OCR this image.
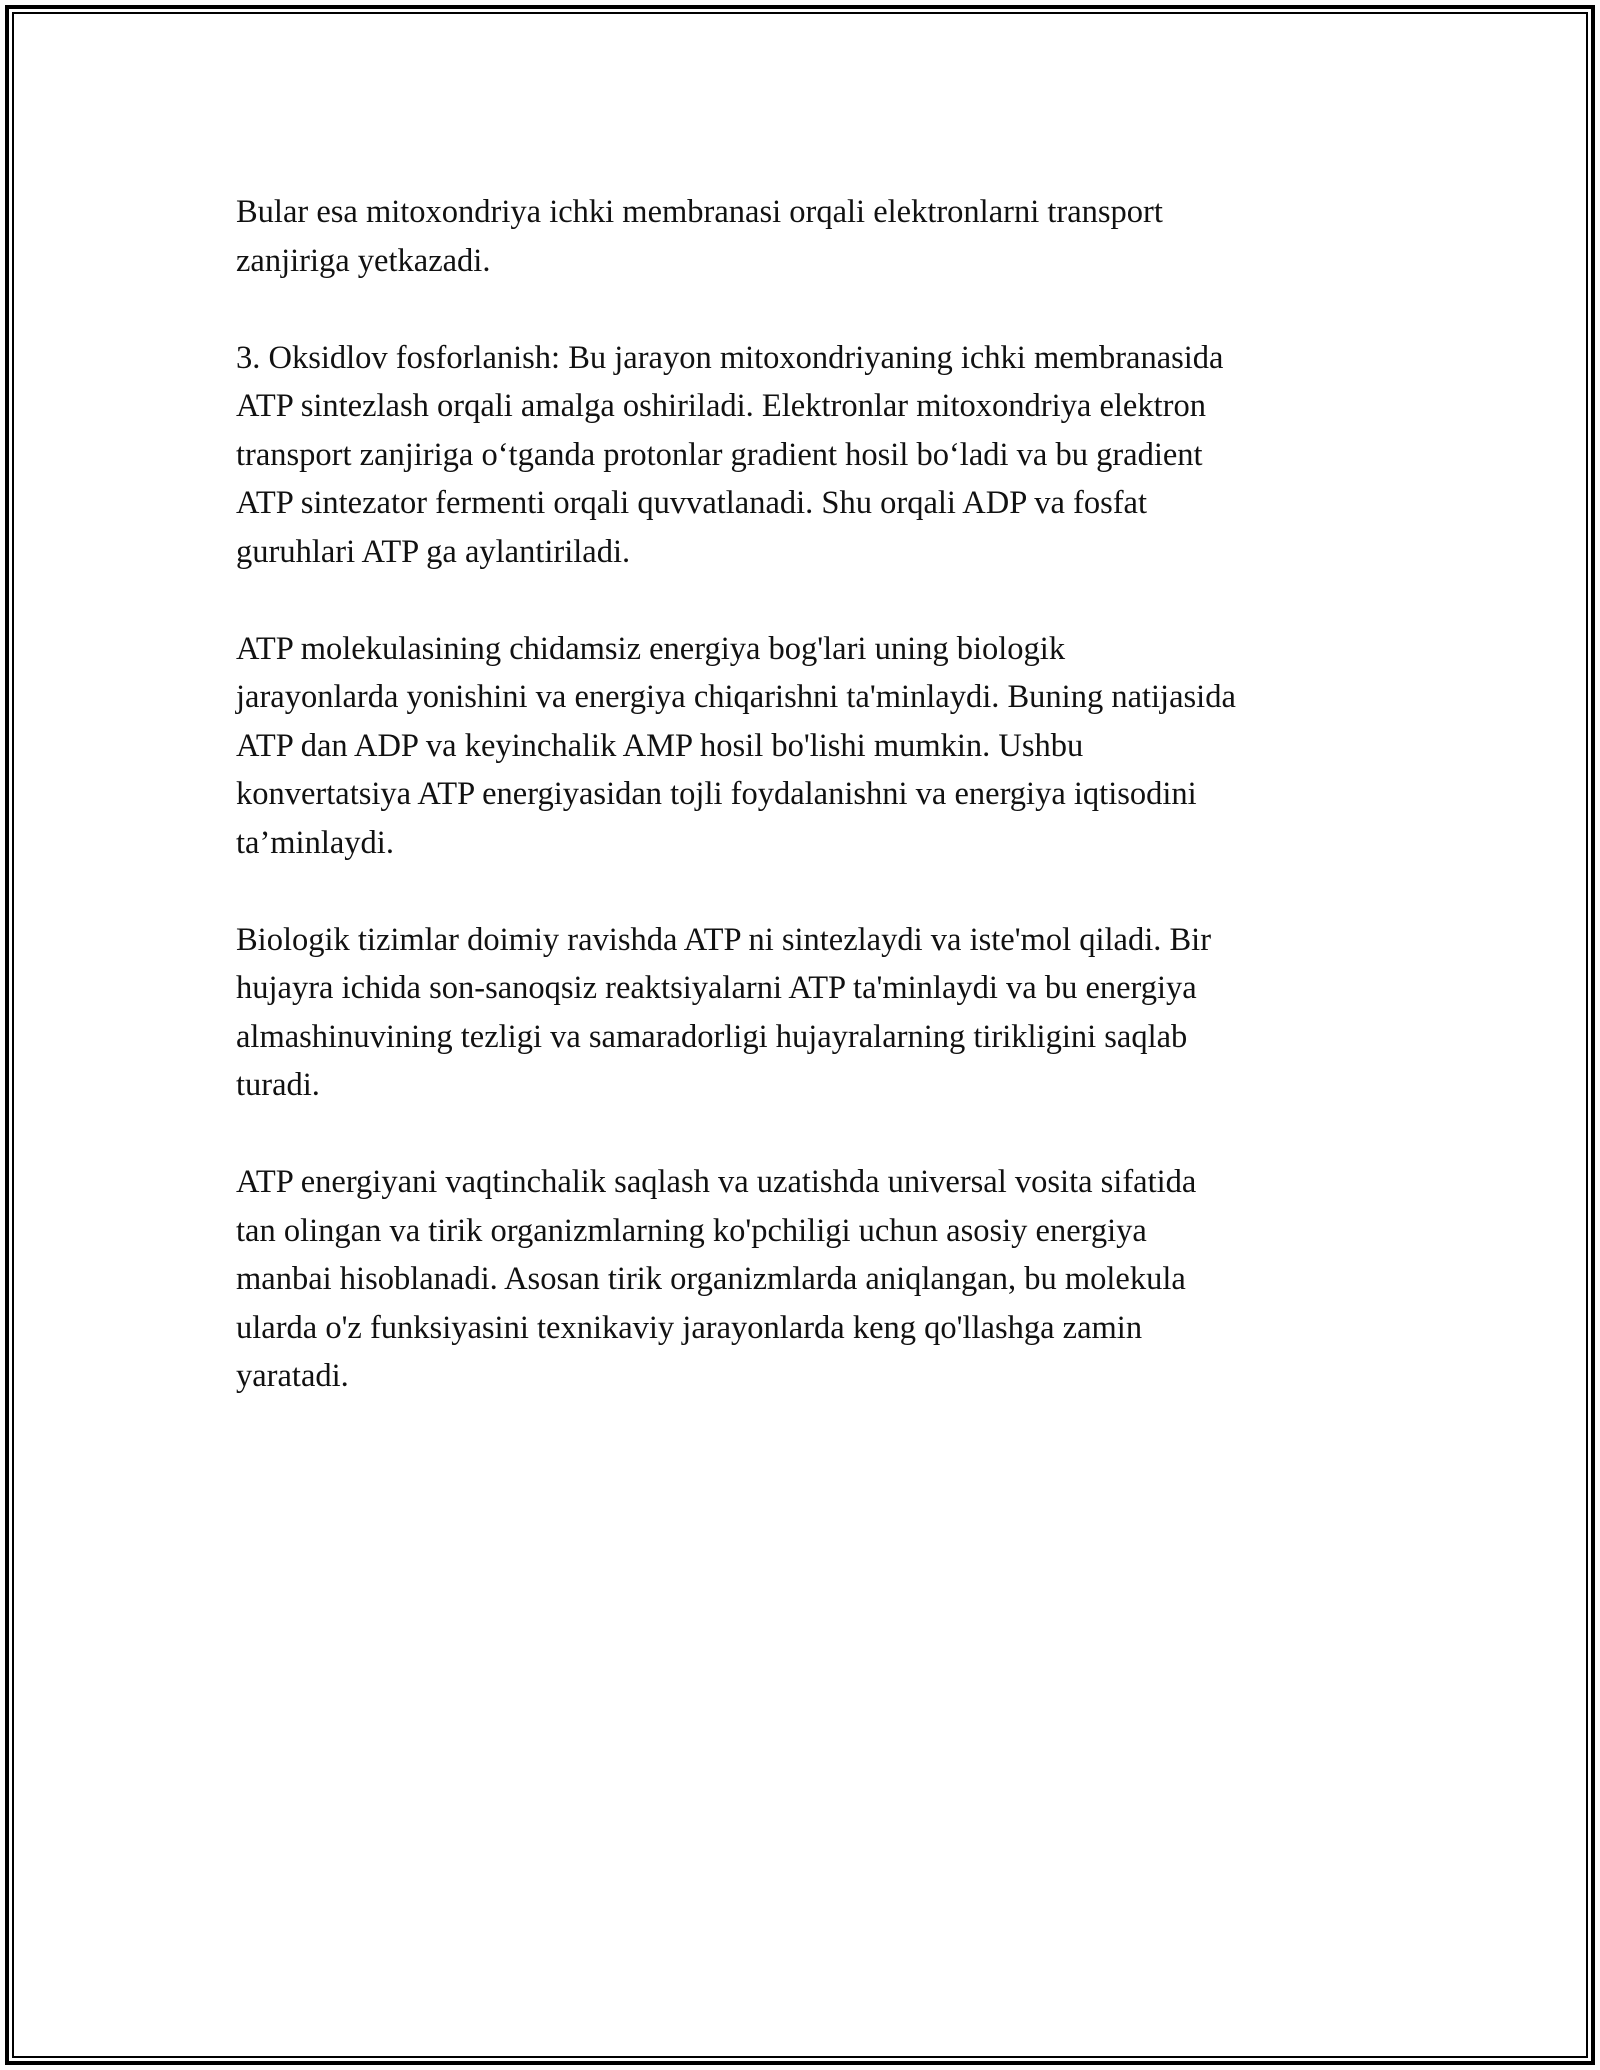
Bular esa mitoxondriya ichki membranasi orqali elektronlarni transport
zanjiriga yetkazadi.

3. Oksidlov fosforlanish: Bu jarayon mitoxondriyaning ichki membranasida
ATP sintezlash orqali amalga oshiriladi. Elektronlar mitoxondriya elektron
transport zanjiriga oʻtganda protonlar gradient hosil boʻladi va bu gradient
ATP sintezator fermenti orqali quvvatlanadi. Shu orqali ADP va fosfat
guruhlari ATP ga aylantiriladi.

ATP molekulasining chidamsiz energiya bog'lari uning biologik
jarayonlarda yonishini va energiya chiqarishni ta'minlaydi. Buning natijasida
ATP dan ADP va keyinchalik AMP hosil bo'lishi mumkin. Ushbu
konvertatsiya ATP energiyasidan tojli foydalanishni va energiya iqtisodini
ta’minlaydi.

Biologik tizimlar doimiy ravishda ATP ni sintezlaydi va iste'mol qiladi. Bir
hujayra ichida son-sanoqsiz reaktsiyalarni ATP ta'minlaydi va bu energiya
almashinuvining tezligi va samaradorligi hujayralarning tirikligini saqlab
turadi.

ATP energiyani vaqtinchalik saqlash va uzatishda universal vosita sifatida
tan olingan va tirik organizmlarning ko'pchiligi uchun asosiy energiya
manbai hisoblanadi. Asosan tirik organizmlarda aniqlangan, bu molekula
ularda o'z funksiyasini texnikaviy jarayonlarda keng qo'llashga zamin
yaratadi.
